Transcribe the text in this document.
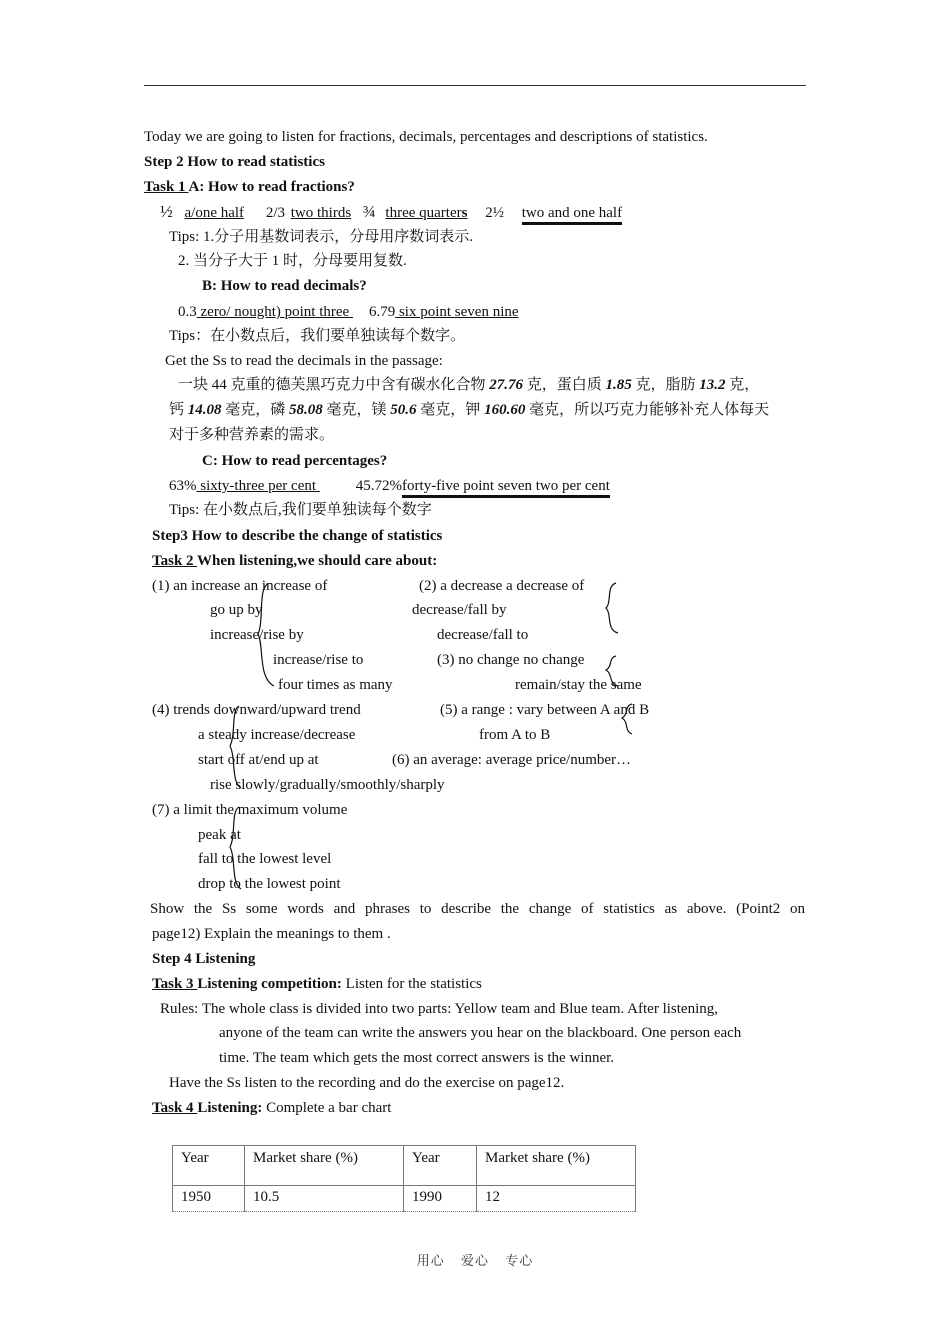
Today we are going to listen for fractions, decimals, percentages and descriptions of statistics.
Step 2 How to read statistics
Task 1 A: How to read fractions?
½ a/one half 2/3 two thirds ¾ three quarters 2½ two and one half
Tips: 1.分子用基数词表示，分母用序数词表示.
2. 当分子大于 1 时，分母要用复数.
B: How to read decimals?
0.3 zero/ nought) point three 6.79 six point seven nine
Tips：在小数点后，我们要单独读每个数字。
Get the Ss to read the decimals in the passage:
一块 44 克重的德芙黑巧克力中含有碳水化合物 27.76 克，蛋白质 1.85 克，脂肪 13.2 克，
钙 14.08 毫克，磷 58.08 毫克，镁 50.6 毫克，钾 160.60 毫克，所以巧克力能够补充人体每天
对于多种营养素的需求。
C: How to read percentages?
63% sixty-three per cent 45.72%forty-five point seven two per cent
Tips: 在小数点后,我们要单独读每个数字
Step3 How to describe the change of statistics
Task 2 When listening,we should care about:
(1) an increase an increase of	(2) a decrease a decrease of
go up by	decrease/fall by
increase/rise by	decrease/fall to
increase/rise to	(3) no change no change
four times as many	remain/stay the same
(4) trends downward/upward trend	(5) a range : vary between A and B
a steady increase/decrease	from A to B
start off at/end up at	(6) an average: average price/number…
rise slowly/gradually/smoothly/sharply
(7) a limit the maximum volume
peak at
fall to the lowest level
drop to the lowest point
Show the Ss some words and phrases to describe the change of statistics as above. (Point2 on
page12) Explain the meanings to them .
Step 4 Listening
Task 3 Listening competition: Listen for the statistics
Rules: The whole class is divided into two parts: Yellow team and Blue team. After listening,
anyone of the team can write the answers you hear on the blackboard. One person each
time. The team which gets the most correct answers is the winner.
Have the Ss listen to the recording and do the exercise on page12.
Task 4 Listening: Complete a bar chart
Year	Market share (%)	Year	Market share (%)
1950	10.5	1990	12
用心 爱心 专心
